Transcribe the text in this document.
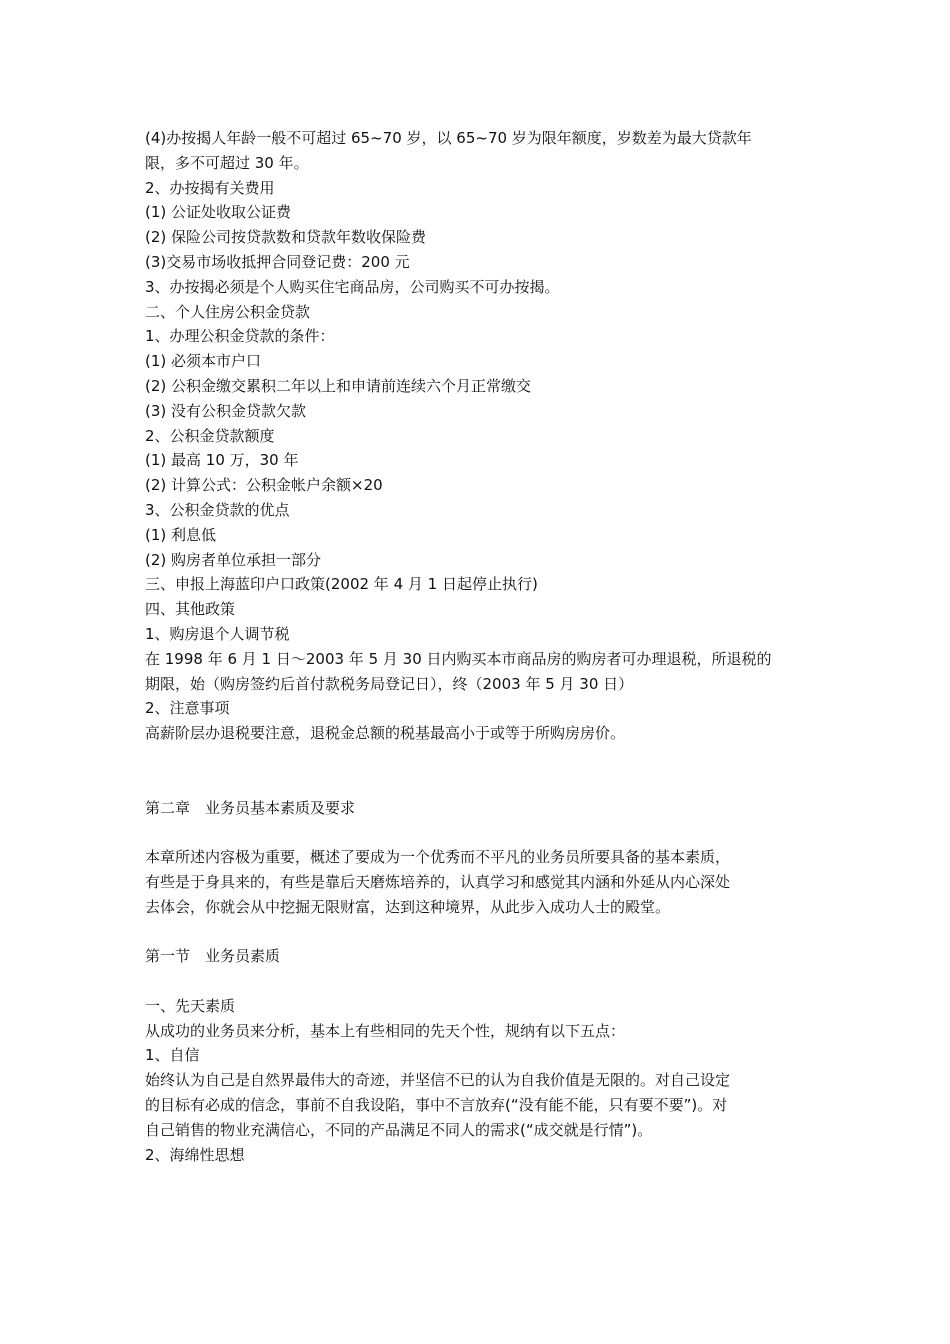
(4)办按揭人年龄一般不可超过 65~70 岁，以 65~70 岁为限年额度，岁数差为最大贷款年
限，多不可超过 30 年。
2、办按揭有关费用
(1) 公证处收取公证费
(2) 保险公司按贷款数和贷款年数收保险费
(3)交易市场收抵押合同登记费：200 元
3、办按揭必须是个人购买住宅商品房，公司购买不可办按揭。
二、个人住房公积金贷款
1、办理公积金贷款的条件：
(1) 必须本市户口
(2) 公积金缴交累积二年以上和申请前连续六个月正常缴交
(3) 没有公积金贷款欠款
2、公积金贷款额度
(1) 最高 10 万，30 年
(2) 计算公式：公积金帐户余额×20
3、公积金贷款的优点
(1) 利息低
(2) 购房者单位承担一部分
三、申报上海蓝印户口政策(2002 年 4 月 1 日起停止执行)
四、其他政策
1、购房退个人调节税
在 1998 年 6 月 1 日～2003 年 5 月 30 日内购买本市商品房的购房者可办理退税，所退税的
期限，始（购房签约后首付款税务局登记日），终（2003 年 5 月 30 日）
2、注意事项
高薪阶层办退税要注意，退税金总额的税基最高小于或等于所购房房价。
第二章　业务员基本素质及要求
本章所述内容极为重要，概述了要成为一个优秀而不平凡的业务员所要具备的基本素质，
有些是于身具来的，有些是靠后天磨炼培养的，认真学习和感觉其内涵和外延从内心深处
去体会，你就会从中挖掘无限财富，达到这种境界，从此步入成功人士的殿堂。
第一节　业务员素质
一、先天素质
从成功的业务员来分析，基本上有些相同的先天个性，规纳有以下五点：
1、自信
始终认为自己是自然界最伟大的奇迹，并坚信不已的认为自我价值是无限的。对自己设定
的目标有必成的信念，事前不自我设陷，事中不言放弃(“没有能不能，只有要不要”)。对
自己销售的物业充满信心，不同的产品满足不同人的需求(“成交就是行情”)。
2、海绵性思想
